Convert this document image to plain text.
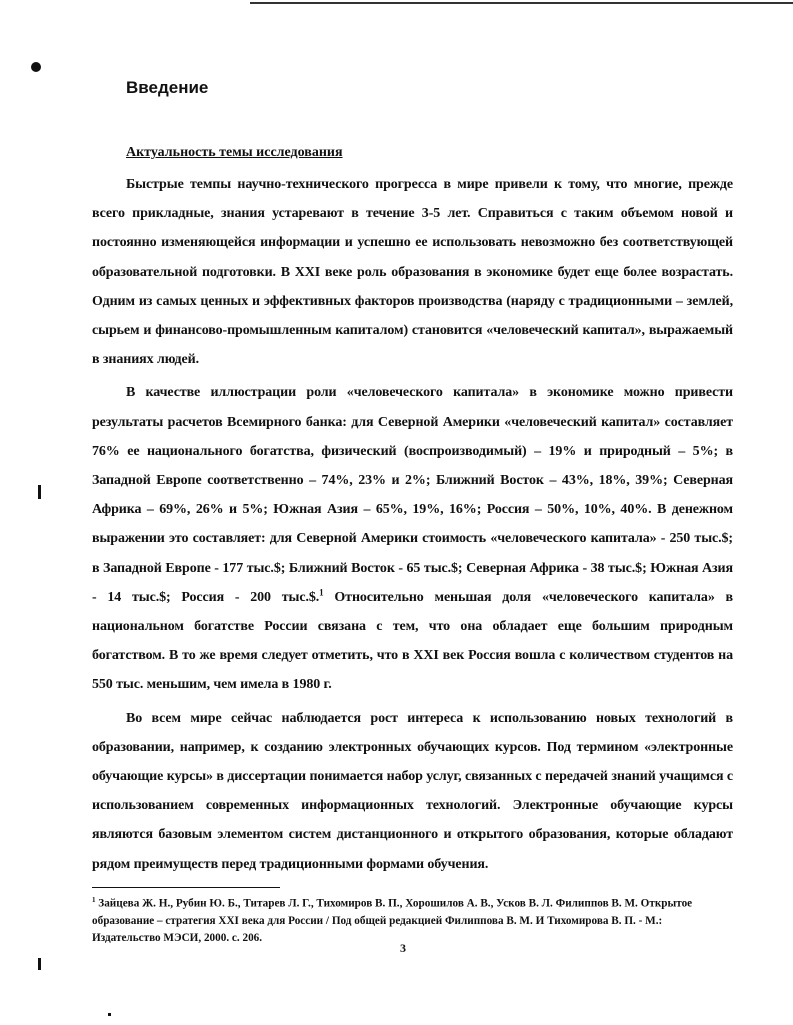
Введение
Актуальность темы исследования

Быстрые темпы научно-технического прогресса в мире привели к тому, что многие, прежде всего прикладные, знания устаревают в течение 3-5 лет. Справиться с таким объемом новой и постоянно изменяющейся информации и успешно ее использовать невозможно без соответствующей образовательной подготовки. В XXI веке роль образования в экономике будет еще более возрастать. Одним из самых ценных и эффективных факторов производства (наряду с традиционными – землей, сырьем и финансово-промышленным капиталом) становится «человеческий капитал», выражаемый в знаниях людей.

В качестве иллюстрации роли «человеческого капитала» в экономике можно привести результаты расчетов Всемирного банка: для Северной Америки «человеческий капитал» составляет 76% ее национального богатства, физический (воспроизводимый) – 19% и природный – 5%; в Западной Европе соответственно – 74%, 23% и 2%; Ближний Восток – 43%, 18%, 39%; Северная Африка – 69%, 26% и 5%; Южная Азия – 65%, 19%, 16%; Россия – 50%, 10%, 40%. В денежном выражении это составляет: для Северной Америки стоимость «человеческого капитала» - 250 тыс.$; в Западной Европе - 177 тыс.$; Ближний Восток - 65 тыс.$; Северная Африка - 38 тыс.$; Южная Азия - 14 тыс.$; Россия - 200 тыс.$.$^1$ Относительно меньшая доля «человеческого капитала» в национальном богатстве России связана с тем, что она обладает еще большим природным богатством. В то же время следует отметить, что в XXI век Россия вошла с количеством студентов на 550 тыс. меньшим, чем имела в 1980 г.

Во всем мире сейчас наблюдается рост интереса к использованию новых технологий в образовании, например, к созданию электронных обучающих курсов. Под термином «электронные обучающие курсы» в диссертации понимается набор услуг, связанных с передачей знаний учащимся с использованием современных информационных технологий. Электронные обучающие курсы являются базовым элементом систем дистанционного и открытого образования, которые обладают рядом преимуществ перед традиционными формами обучения.

$^1$ Зайцева Ж. Н., Рубин Ю. Б., Титарев Л. Г., Тихомиров В. П., Хорошилов А. В., Усков В. Л. Филиппов В. М. Открытое образование – стратегия XXI века для России / Под общей редакцией Филиппова В. М. И Тихомирова В. П. - М.: Издательство МЭСИ, 2000. с. 206.

3
